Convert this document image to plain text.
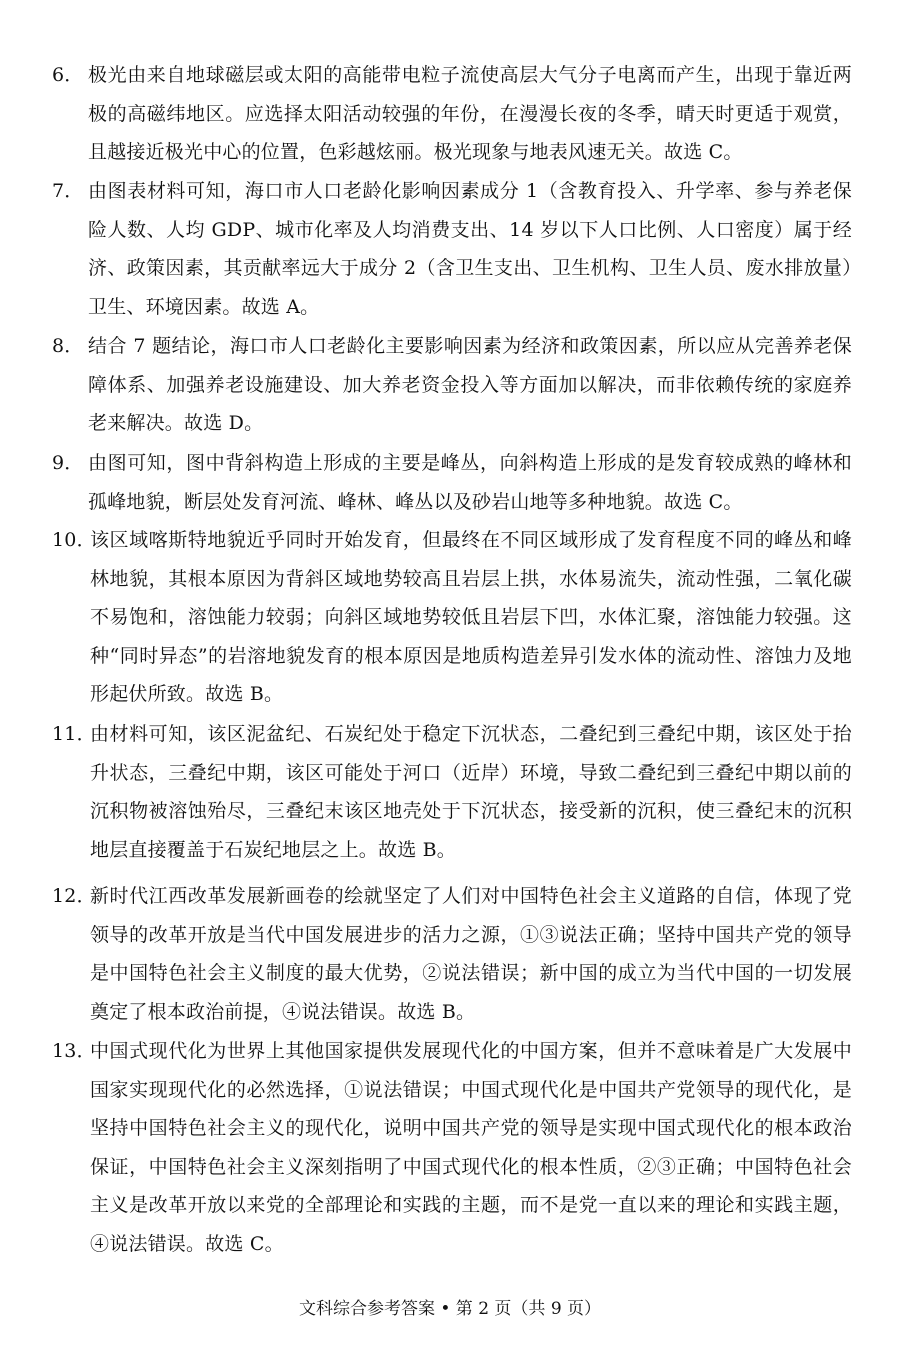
6． 极光由来自地球磁层或太阳的高能带电粒子流使高层大气分子电离而产生，出现于靠近两极的高磁纬地区。应选择太阳活动较强的年份，在漫漫长夜的冬季，晴天时更适于观赏，且越接近极光中心的位置，色彩越炫丽。极光现象与地表风速无关。故选 C。
7． 由图表材料可知，海口市人口老龄化影响因素成分 1（含教育投入、升学率、参与养老保险人数、人均 GDP、城市化率及人均消费支出、14 岁以下人口比例、人口密度）属于经济、政策因素，其贡献率远大于成分 2（含卫生支出、卫生机构、卫生人员、废水排放量）卫生、环境因素。故选 A。
8． 结合 7 题结论，海口市人口老龄化主要影响因素为经济和政策因素，所以应从完善养老保障体系、加强养老设施建设、加大养老资金投入等方面加以解决，而非依赖传统的家庭养老来解决。故选 D。
9． 由图可知，图中背斜构造上形成的主要是峰丛，向斜构造上形成的是发育较成熟的峰林和孤峰地貌，断层处发育河流、峰林、峰丛以及砂岩山地等多种地貌。故选 C。
10．
该区域喀斯特地貌近乎同时开始发育，但最终在不同区域形成了发育程度不同的峰丛和峰林地貌，其根本原因为背斜区域地势较高且岩层上拱，水体易流失，流动性强，二氧化碳不易饱和，溶蚀能力较弱；向斜区域地势较低且岩层下凹，水体汇聚，溶蚀能力较强。这种“同时异态”的岩溶地貌发育的根本原因是地质构造差异引发水体的流动性、溶蚀力及地形起伏所致。故选 B。
11．
由材料可知，该区泥盆纪、石炭纪处于稳定下沉状态，二叠纪到三叠纪中期，该区处于抬升状态，三叠纪中期，该区可能处于河口（近岸）环境，导致二叠纪到三叠纪中期以前的沉积物被溶蚀殆尽，三叠纪末该区地壳处于下沉状态，接受新的沉积，使三叠纪末的沉积地层直接覆盖于石炭纪地层之上。故选 B。
12．
新时代江西改革发展新画卷的绘就坚定了人们对中国特色社会主义道路的自信，体现了党领导的改革开放是当代中国发展进步的活力之源，①③说法正确；坚持中国共产党的领导是中国特色社会主义制度的最大优势，②说法错误；新中国的成立为当代中国的一切发展奠定了根本政治前提，④说法错误。故选 B。
13．
中国式现代化为世界上其他国家提供发展现代化的中国方案，但并不意味着是广大发展中国家实现现代化的必然选择，①说法错误；中国式现代化是中国共产党领导的现代化，是坚持中国特色社会主义的现代化，说明中国共产党的领导是实现中国式现代化的根本政治保证，中国特色社会主义深刻指明了中国式现代化的根本性质，②③正确；中国特色社会主义是改革开放以来党的全部理论和实践的主题，而不是党一直以来的理论和实践主题，④说法错误。故选 C。
文科综合参考答案 • 第 2 页（共 9 页）
